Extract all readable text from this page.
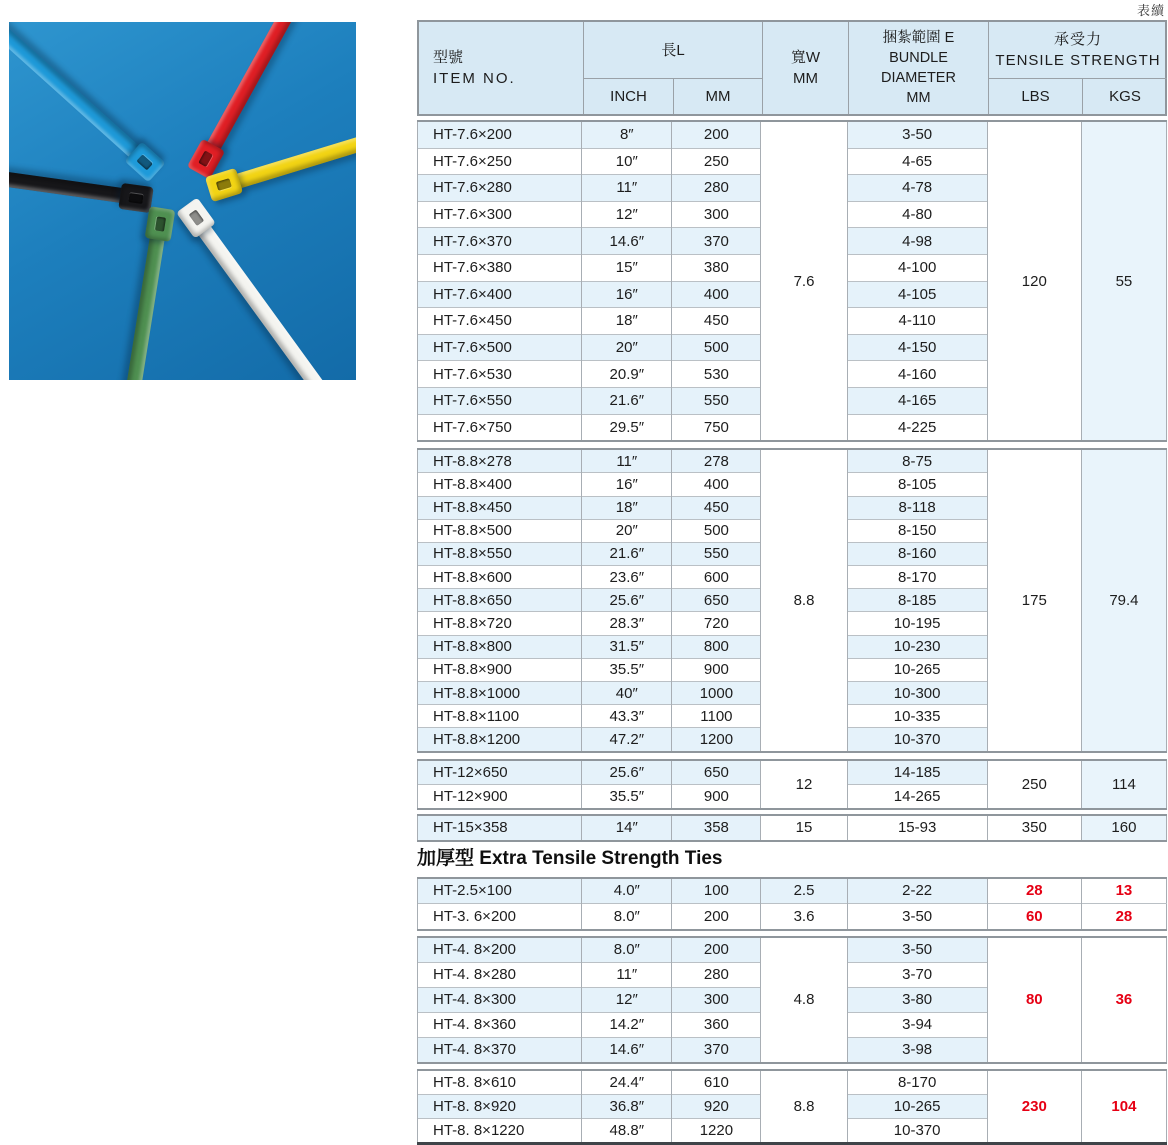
表續
型號
ITEM NO.
長L
INCH	MM
寬W
MM
捆紮範圍 E
BUNDLE
DIAMETER
MM
承受力
TENSILE STRENGTH
LBS	KGS
HT-7.6×200	8″	200	7.6	3-50	120	55
HT-7.6×250	10″	250		4-65		
HT-7.6×280	11″	280		4-78		
HT-7.6×300	12″	300		4-80		
HT-7.6×370	14.6″	370		4-98		
HT-7.6×380	15″	380		4-100		
HT-7.6×400	16″	400		4-105		
HT-7.6×450	18″	450		4-110		
HT-7.6×500	20″	500		4-150		
HT-7.6×530	20.9″	530		4-160		
HT-7.6×550	21.6″	550		4-165		
HT-7.6×750	29.5″	750		4-225		
HT-8.8×278	11″	278	8.8	8-75	175	79.4
HT-8.8×400	16″	400		8-105		
HT-8.8×450	18″	450		8-118		
HT-8.8×500	20″	500		8-150		
HT-8.8×550	21.6″	550		8-160		
HT-8.8×600	23.6″	600		8-170		
HT-8.8×650	25.6″	650		8-185		
HT-8.8×720	28.3″	720		10-195		
HT-8.8×800	31.5″	800		10-230		
HT-8.8×900	35.5″	900		10-265		
HT-8.8×1000	40″	1000		10-300		
HT-8.8×1100	43.3″	1100		10-335		
HT-8.8×1200	47.2″	1200		10-370		
HT-12×650	25.6″	650	12	14-185	250	114
HT-12×900	35.5″	900		14-265		
HT-15×358	14″	358	15	15-93	350	160
加厚型 Extra Tensile Strength Ties
HT-2.5×100	4.0″	100	2.5	2-22	28	13
HT-3. 6×200	8.0″	200	3.6	3-50	60	28
HT-4. 8×200	8.0″	200	4.8	3-50	80	36
HT-4. 8×280	11″	280		3-70		
HT-4. 8×300	12″	300		3-80		
HT-4. 8×360	14.2″	360		3-94		
HT-4. 8×370	14.6″	370		3-98		
HT-8. 8×610	24.4″	610	8.8	8-170	230	104
HT-8. 8×920	36.8″	920		10-265		
HT-8. 8×1220	48.8″	1220		10-370		
